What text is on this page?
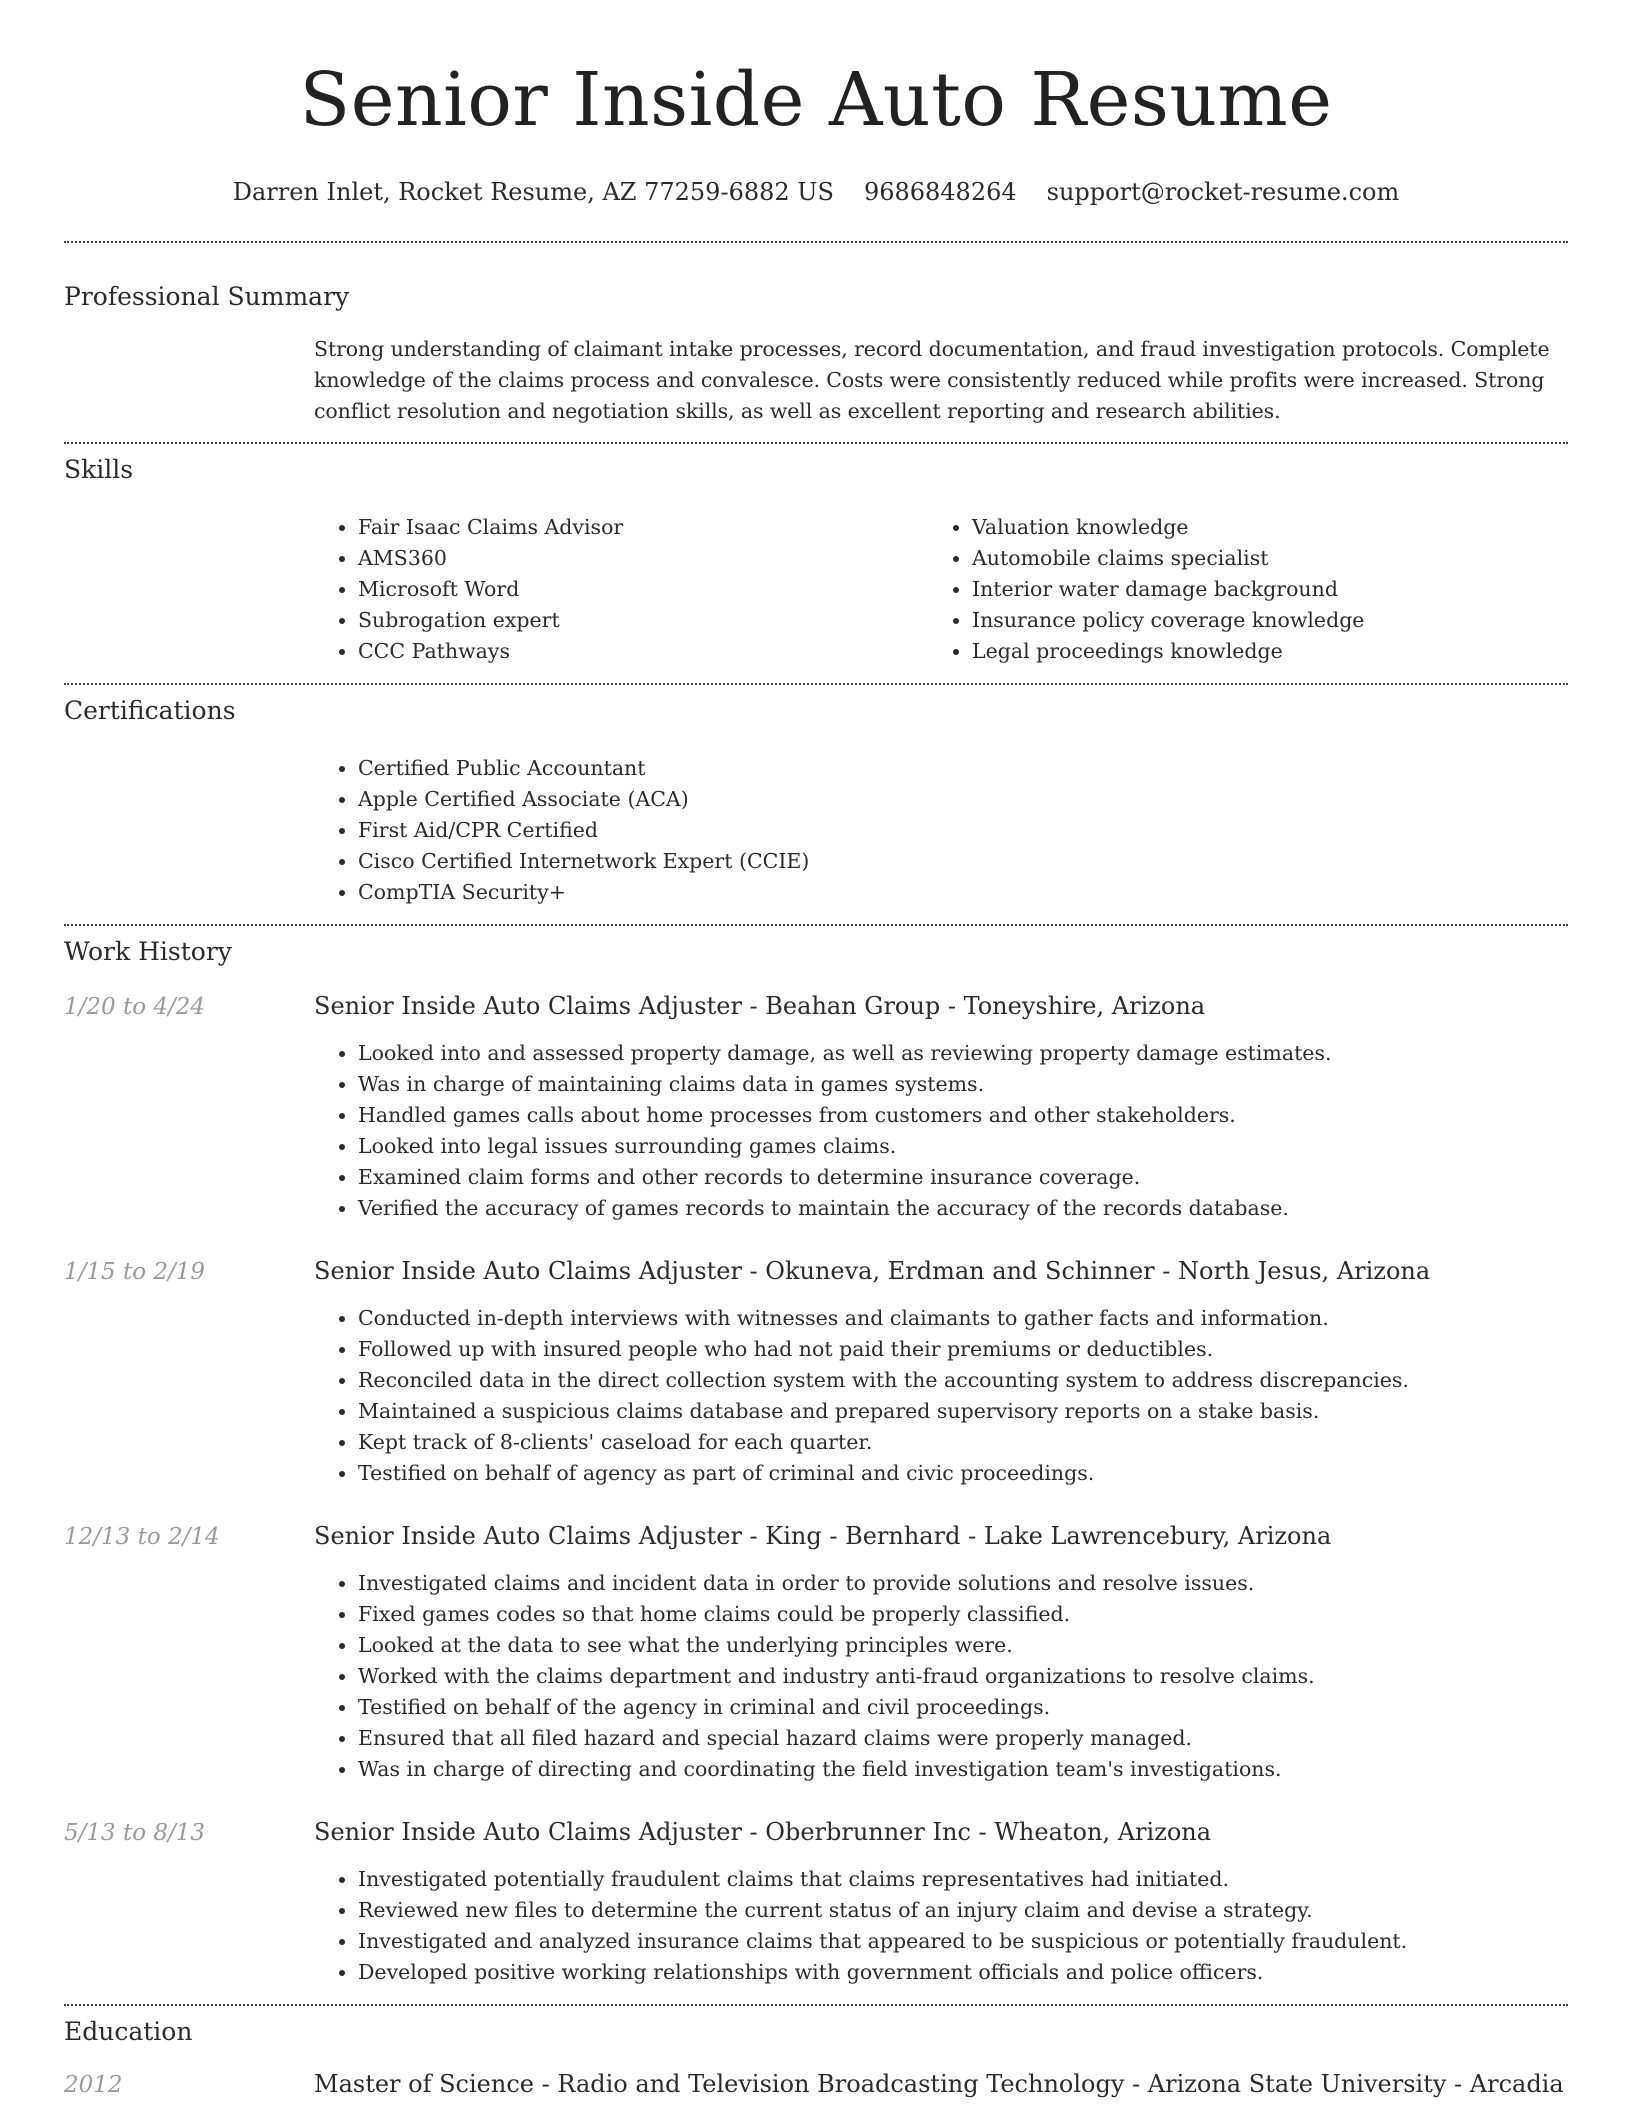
Senior Inside Auto Resume
Darren Inlet, Rocket Resume, AZ 77259-6882 US 9686848264 support@rocket-resume.com
Professional Summary

Strong understanding of claimant intake processes, record documentation, and fraud investigation protocols. Complete knowledge of the claims process and convalesce. Costs were consistently reduced while profits were increased. Strong conflict resolution and negotiation skills, as well as excellent reporting and research abilities.

Skills
• Fair Isaac Claims Advisor
• AMS360
• Microsoft Word
• Subrogation expert
• CCC Pathways
• Valuation knowledge
• Automobile claims specialist
• Interior water damage background
• Insurance policy coverage knowledge
• Legal proceedings knowledge
Certifications
• Certified Public Accountant
• Apple Certified Associate (ACA)
• First Aid/CPR Certified
• Cisco Certified Internetwork Expert (CCIE)
• CompTIA Security+
Work History
1/20 to 4/24	Senior Inside Auto Claims Adjuster - Beahan Group - Toneyshire, Arizona
• Looked into and assessed property damage, as well as reviewing property damage estimates.
• Was in charge of maintaining claims data in games systems.
• Handled games calls about home processes from customers and other stakeholders.
• Looked into legal issues surrounding games claims.
• Examined claim forms and other records to determine insurance coverage.
• Verified the accuracy of games records to maintain the accuracy of the records database.
1/15 to 2/19	Senior Inside Auto Claims Adjuster - Okuneva, Erdman and Schinner - North Jesus, Arizona
• Conducted in-depth interviews with witnesses and claimants to gather facts and information.
• Followed up with insured people who had not paid their premiums or deductibles.
• Reconciled data in the direct collection system with the accounting system to address discrepancies.
• Maintained a suspicious claims database and prepared supervisory reports on a stake basis.
• Kept track of 8-clients' caseload for each quarter.
• Testified on behalf of agency as part of criminal and civic proceedings.
12/13 to 2/14	Senior Inside Auto Claims Adjuster - King - Bernhard - Lake Lawrencebury, Arizona
• Investigated claims and incident data in order to provide solutions and resolve issues.
• Fixed games codes so that home claims could be properly classified.
• Looked at the data to see what the underlying principles were.
• Worked with the claims department and industry anti-fraud organizations to resolve claims.
• Testified on behalf of the agency in criminal and civil proceedings.
• Ensured that all filed hazard and special hazard claims were properly managed.
• Was in charge of directing and coordinating the field investigation team's investigations.
5/13 to 8/13	Senior Inside Auto Claims Adjuster - Oberbrunner Inc - Wheaton, Arizona
• Investigated potentially fraudulent claims that claims representatives had initiated.
• Reviewed new files to determine the current status of an injury claim and devise a strategy.
• Investigated and analyzed insurance claims that appeared to be suspicious or potentially fraudulent.
• Developed positive working relationships with government officials and police officers.
Education
2012	Master of Science - Radio and Television Broadcasting Technology - Arizona State University - Arcadia
